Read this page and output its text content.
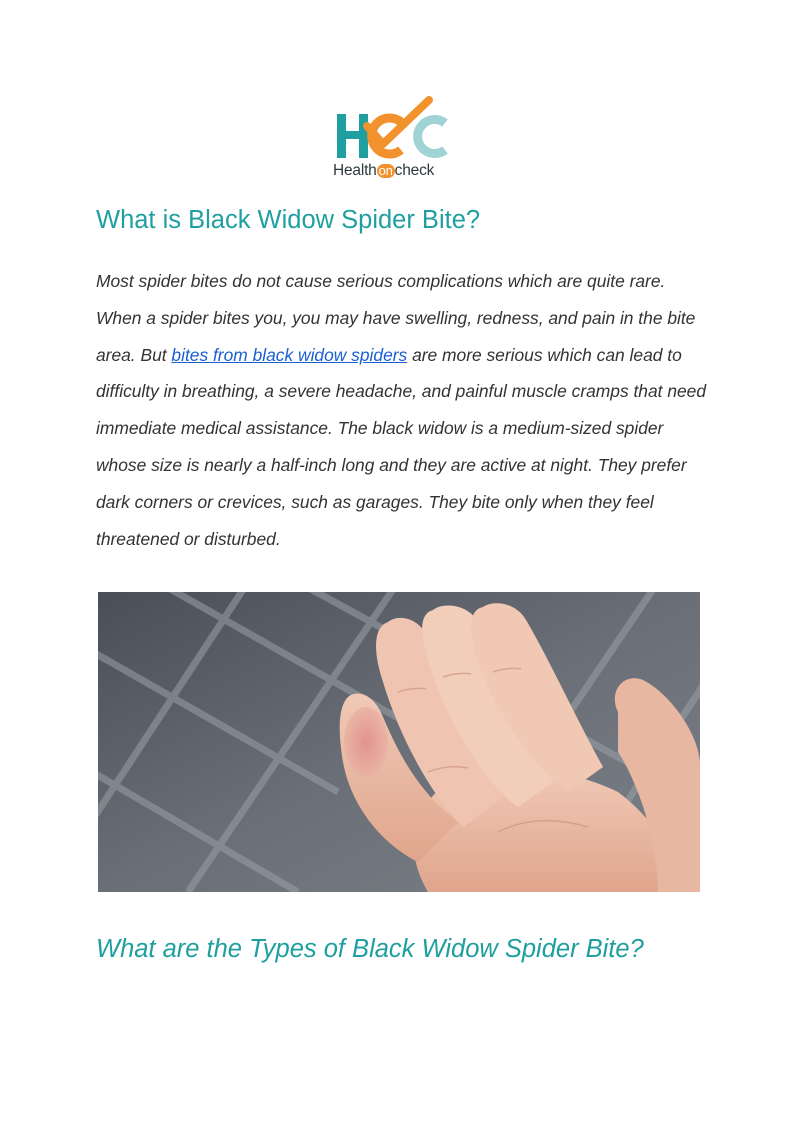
Health on check
What is Black Widow Spider Bite?

Most spider bites do not cause serious complications which are quite rare. When a spider bites you, you may have swelling, redness, and pain in the bite area. But bites from black widow spiders are more serious which can lead to difficulty in breathing, a severe headache, and painful muscle cramps that need immediate medical assistance. The black widow is a medium-sized spider whose size is nearly a half-inch long and they are active at night. They prefer dark corners or crevices, such as garages. They bite only when they feel threatened or disturbed.

What are the Types of Black Widow Spider Bite?
